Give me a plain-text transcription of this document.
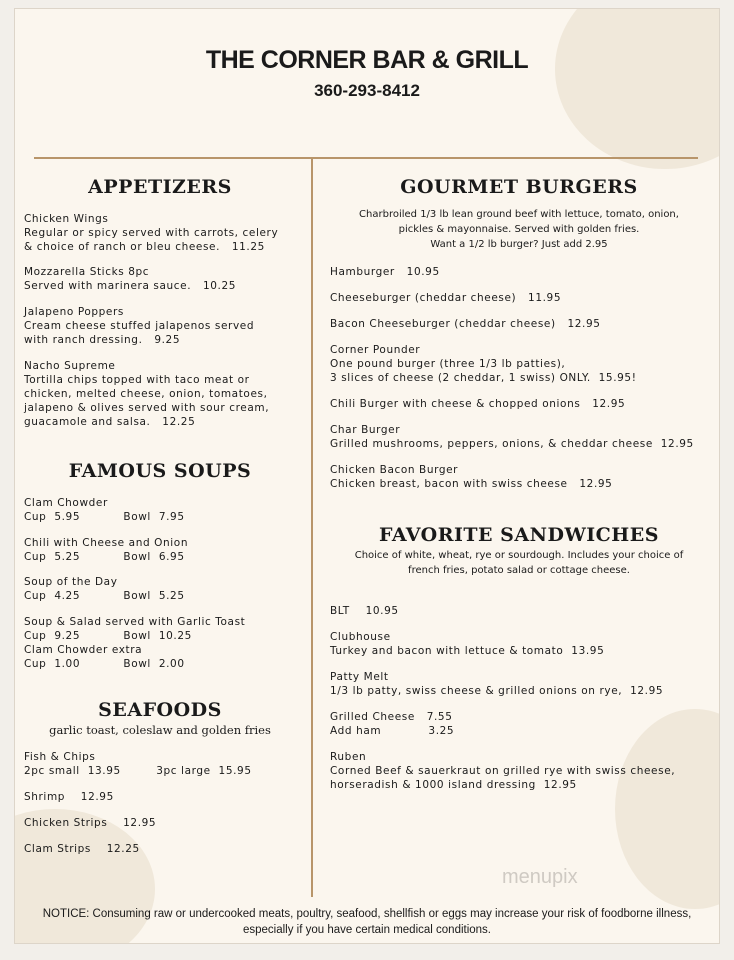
THE CORNER BAR & GRILL
360-293-8412
APPETIZERS
Chicken Wings
Regular or spicy served with carrots, celery
& choice of ranch or bleu cheese.   11.25
Mozzarella Sticks 8pc
Served with marinera sauce.   10.25
Jalapeno Poppers
Cream cheese stuffed jalapenos served
with ranch dressing.   9.25
Nacho Supreme
Tortilla chips topped with taco meat or
chicken, melted cheese, onion, tomatoes,
jalapeno & olives served with sour cream,
guacamole and salsa.   12.25
FAMOUS SOUPS
Clam Chowder
Cup  5.95           Bowl  7.95
Chili with Cheese and Onion
Cup  5.25           Bowl  6.95
Soup of the Day
Cup  4.25           Bowl  5.25
Soup & Salad served with Garlic Toast
Cup  9.25           Bowl  10.25
Clam Chowder extra
Cup  1.00           Bowl  2.00
SEAFOODS
garlic toast, coleslaw and golden fries
Fish & Chips
2pc small  13.95         3pc large  15.95
Shrimp    12.95
Chicken Strips    12.95
Clam Strips    12.25
GOURMET BURGERS
Charbroiled 1/3 lb lean ground beef with lettuce, tomato, onion,
pickles & mayonnaise. Served with golden fries.
Want a 1/2 lb burger? Just add 2.95
Hamburger   10.95
Cheeseburger (cheddar cheese)   11.95
Bacon Cheeseburger (cheddar cheese)   12.95
Corner Pounder
One pound burger (three 1/3 lb patties),
3 slices of cheese (2 cheddar, 1 swiss) ONLY.  15.95!
Chili Burger with cheese & chopped onions   12.95
Char Burger
Grilled mushrooms, peppers, onions, & cheddar cheese  12.95
Chicken Bacon Burger
Chicken breast, bacon with swiss cheese   12.95
FAVORITE SANDWICHES
Choice of white, wheat, rye or sourdough. Includes your choice of
french fries, potato salad or cottage cheese.
BLT    10.95
Clubhouse
Turkey and bacon with lettuce & tomato  13.95
Patty Melt
1/3 lb patty, swiss cheese & grilled onions on rye,  12.95
Grilled Cheese   7.55
Add ham            3.25
Ruben
Corned Beef & sauerkraut on grilled rye with swiss cheese,
horseradish & 1000 island dressing  12.95
menupix
NOTICE: Consuming raw or undercooked meats, poultry, seafood, shellfish or eggs may increase your risk of foodborne illness,
especially if you have certain medical conditions.
